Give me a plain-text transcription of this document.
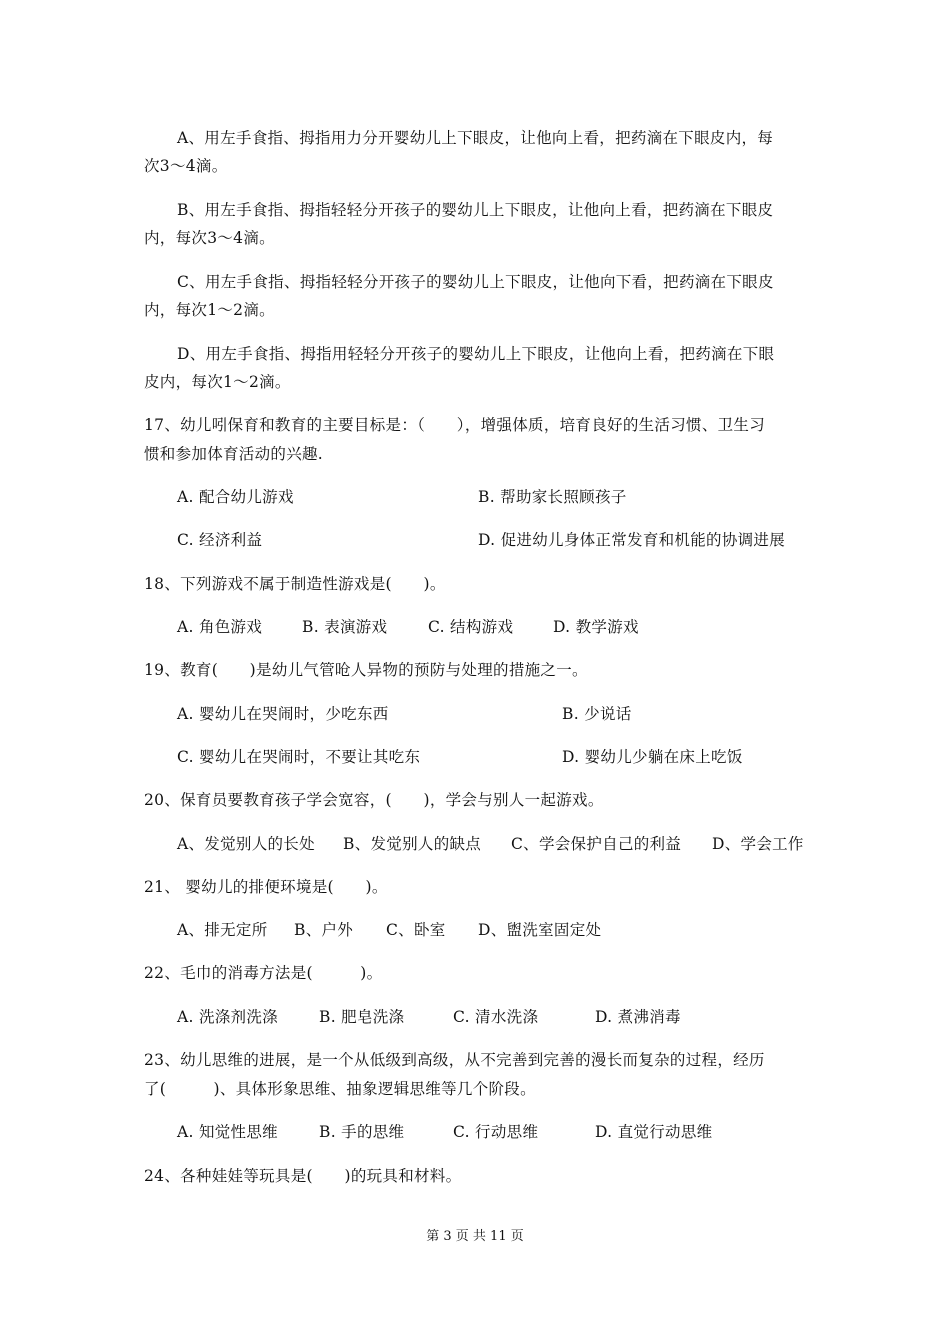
A、用左手食指、拇指用力分开婴幼儿上下眼皮，让他向上看，把药滴在下眼皮内，每
次3～4滴。
B、用左手食指、拇指轻轻分开孩子的婴幼儿上下眼皮，让他向上看，把药滴在下眼皮
内，每次3～4滴。
C、用左手食指、拇指轻轻分开孩子的婴幼儿上下眼皮，让他向下看，把药滴在下眼皮
内，每次1～2滴。
D、用左手食指、拇指用轻轻分开孩子的婴幼儿上下眼皮，让他向上看，把药滴在下眼
皮内，每次1～2滴。
17、幼儿吲保育和教育的主要目标是：（　　），增强体质，培育良好的生活习惯、卫生习
惯和参加体育活动的兴趣.
A. 配合幼儿游戏	B. 帮助家长照顾孩子
C. 经济利益	D. 促进幼儿身体正常发育和机能的协调进展
18、下列游戏不属于制造性游戏是(　　)。
A. 角色游戏	B. 表演游戏	C. 结构游戏	D. 教学游戏
19、教育(　　)是幼儿气管呛人异物的预防与处理的措施之一。
A. 婴幼儿在哭闹时，少吃东西	B. 少说话
C. 婴幼儿在哭闹时，不要让其吃东	D. 婴幼儿少躺在床上吃饭
20、保育员要教育孩子学会宽容，(　　)，学会与别人一起游戏。
A、发觉别人的长处 B、发觉别人的缺点 C、学会保护自己的利益 D、学会工作
21、 婴幼儿的排便环境是(　　)。
A、排无定所 B、户外 C、卧室 D、盥洗室固定处
22、毛巾的消毒方法是(　　　)。
A. 洗涤剂洗涤	B. 肥皂洗涤	C. 清水洗涤	D. 煮沸消毒
23、幼儿思维的进展，是一个从低级到高级，从不完善到完善的漫长而复杂的过程，经历
了(　　　)、具体形象思维、抽象逻辑思维等几个阶段。
A. 知觉性思维	B. 手的思维	C. 行动思维	D. 直觉行动思维
24、各种娃娃等玩具是(　　)的玩具和材料。
第 3 页 共 11 页
